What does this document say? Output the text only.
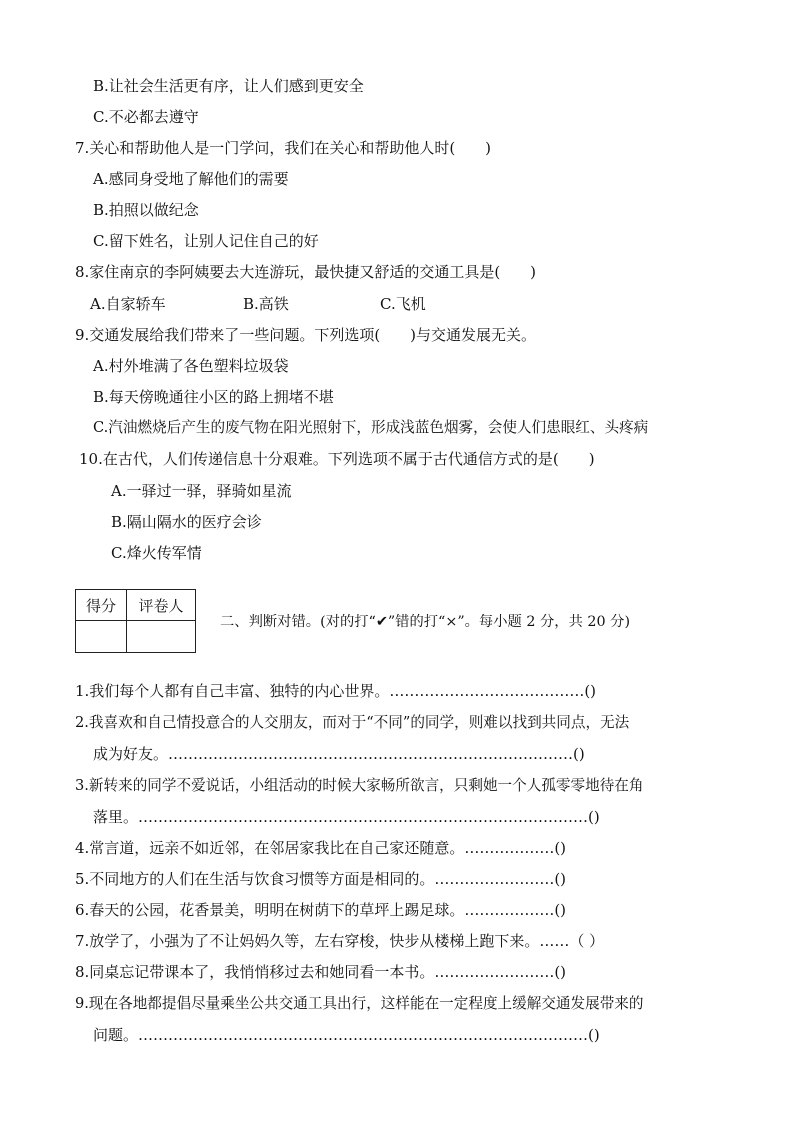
B.让社会生活更有序，让人们感到更安全
C.不必都去遵守
7.关心和帮助他人是一门学问，我们在关心和帮助他人时(　　)
A.感同身受地了解他们的需要
B.拍照以做纪念
C.留下姓名，让别人记住自己的好
8.家住南京的李阿姨要去大连游玩，最快捷又舒适的交通工具是(　　)
A.自家轿车	B.高铁	C.飞机
9.交通发展给我们带来了一些问题。下列选项(　　)与交通发展无关。
A.村外堆满了各色塑料垃圾袋
B.每天傍晚通往小区的路上拥堵不堪
C.汽油燃烧后产生的废气物在阳光照射下，形成浅蓝色烟雾，会使人们患眼红、头疼病
10.在古代，人们传递信息十分艰难。下列选项不属于古代通信方式的是(　　)
A.一驿过一驿，驿骑如星流
B.隔山隔水的医疗会诊
C.烽火传军情
得分	评卷人

二、判断对错。(对的打“✔”错的打“×”。每小题 2 分，共 20 分)
1.我们每个人都有自己丰富、独特的内心世界。…………………………………()
2.我喜欢和自己情投意合的人交朋友，而对于“不同”的同学，则难以找到共同点，无法
成为好友。………………………………………………………………………()
3.新转来的同学不爱说话，小组活动的时候大家畅所欲言，只剩她一个人孤零零地待在角
落里。………………………………………………………………………………()
4.常言道，远亲不如近邻，在邻居家我比在自己家还随意。………………()
5.不同地方的人们在生活与饮食习惯等方面是相同的。……………………()
6.春天的公园，花香景美，明明在树荫下的草坪上踢足球。………………()
7.放学了，小强为了不让妈妈久等，左右穿梭，快步从楼梯上跑下来。……（ ）
8.同桌忘记带课本了，我悄悄移过去和她同看一本书。……………………()
9.现在各地都提倡尽量乘坐公共交通工具出行，这样能在一定程度上缓解交通发展带来的
问题。………………………………………………………………………………()
